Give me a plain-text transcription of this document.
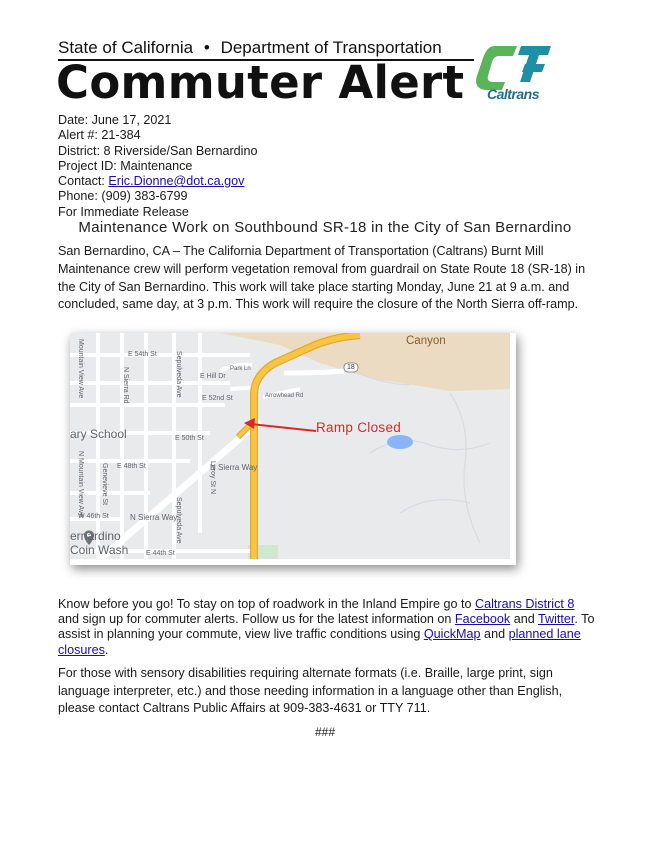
State of California • Department of Transportation
Commuter Alert	Caltrans
Date: June 17, 2021
Alert #: 21-384
District: 8 Riverside/San Bernardino
Project ID: Maintenance
Contact: Eric.Dionne@dot.ca.gov
Phone: (909) 383-6799
For Immediate Release
Maintenance Work on Southbound SR-18 in the City of San Bernardino
San Bernardino, CA – The California Department of Transportation (Caltrans) Burnt Mill Maintenance crew will perform vegetation removal from guardrail on State Route 18 (SR-18) in the City of San Bernardino. This work will take place starting Monday, June 21 at 9 a.m. and concluded, same day, at 3 p.m. This work will require the closure of the North Sierra off-ramp.
Canyon
18
E 54th St
E Hill Dr
Park Ln
E 52nd St	Arrowhead Rd
E 50th St
E 48th St
W 46th St
E 44th St
N Sierra Way
N Sierra Way
Mountain View Ave
N Mountain View Ave
N Sierra Rd	Sepulveda Ave
Sepulveda Ave
Genevieve St	Leroy St N
ary School
ernardino
Coin Wash
Ramp Closed
Know before you go! To stay on top of roadwork in the Inland Empire go to Caltrans District 8 and sign up for commuter alerts. Follow us for the latest information on Facebook and Twitter. To assist in planning your commute, view live traffic conditions using QuickMap and planned lane closures.
For those with sensory disabilities requiring alternate formats (i.e. Braille, large print, sign language interpreter, etc.) and those needing information in a language other than English, please contact Caltrans Public Affairs at 909-383-4631 or TTY 711.
###
